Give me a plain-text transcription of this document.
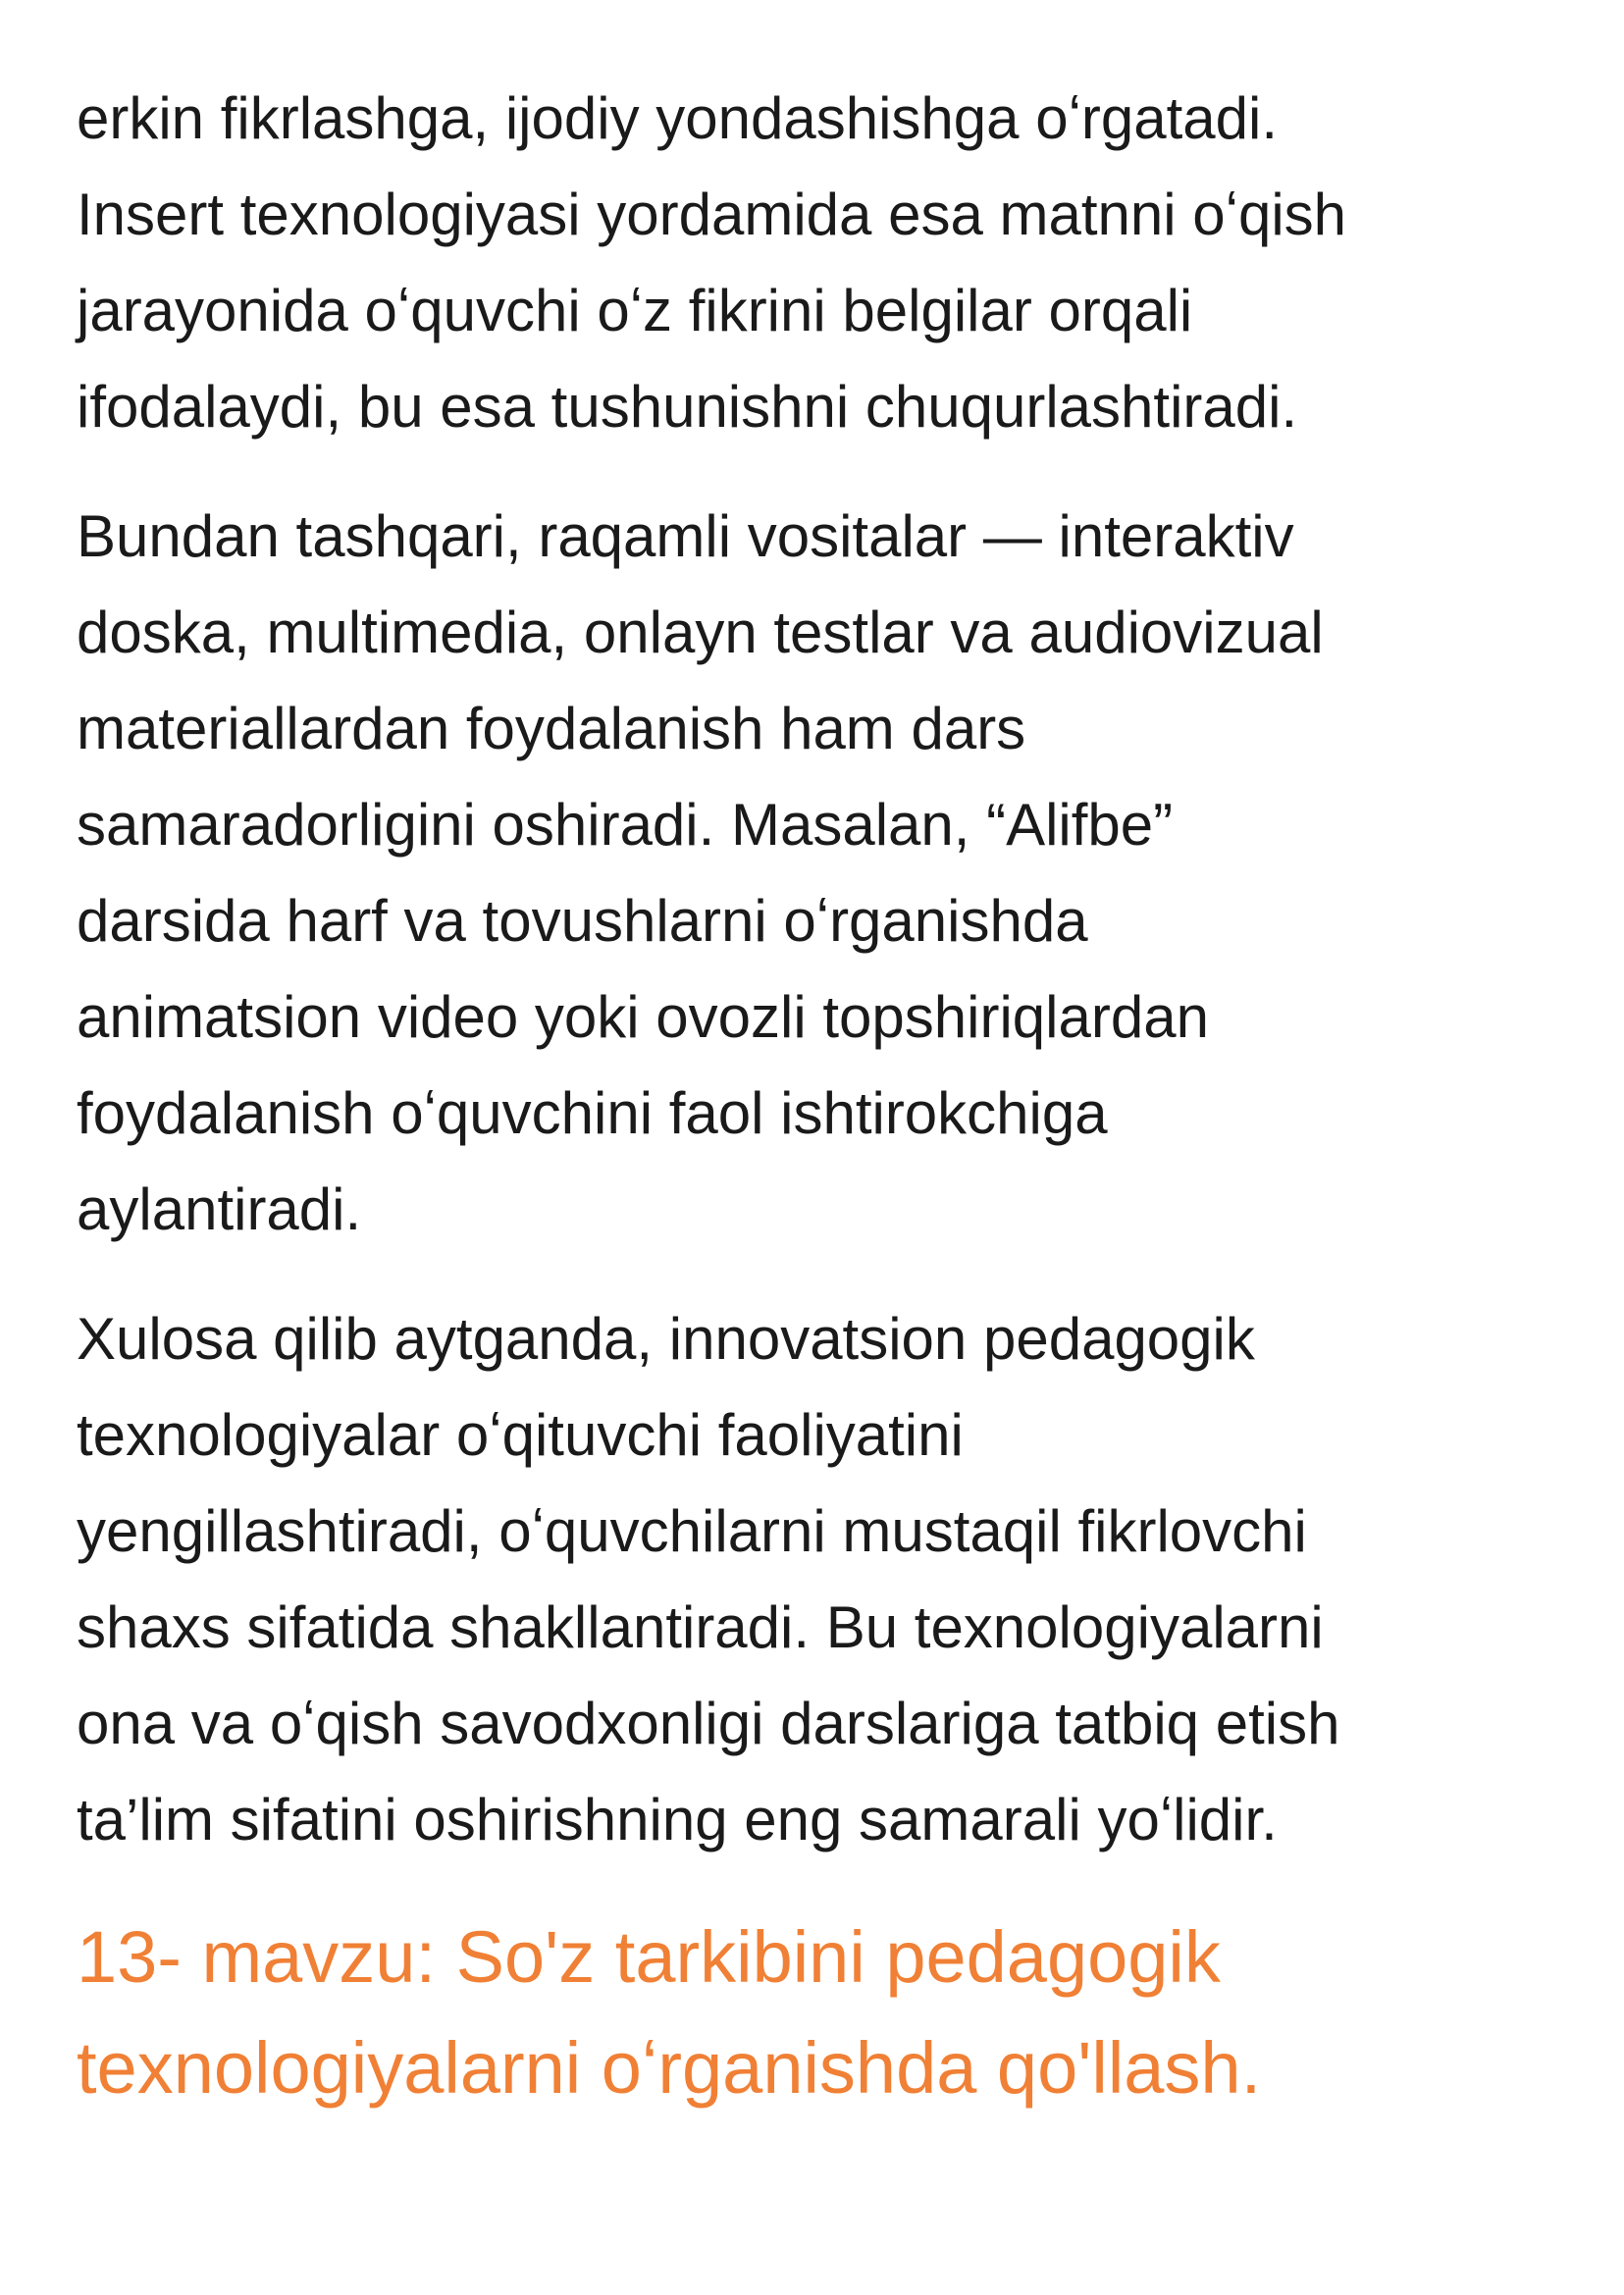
erkin fikrlashga, ijodiy yondashishga oʻrgatadi.
Insert texnologiyasi yordamida esa matnni oʻqish
jarayonida oʻquvchi oʻz fikrini belgilar orqali
ifodalaydi, bu esa tushunishni chuqurlashtiradi.

Bundan tashqari, raqamli vositalar — interaktiv
doska, multimedia, onlayn testlar va audiovizual
materiallardan foydalanish ham dars
samaradorligini oshiradi. Masalan, “Alifbe”
darsida harf va tovushlarni oʻrganishda
animatsion video yoki ovozli topshiriqlardan
foydalanish oʻquvchini faol ishtirokchiga
aylantiradi.

Xulosa qilib aytganda, innovatsion pedagogik
texnologiyalar oʻqituvchi faoliyatini
yengillashtiradi, oʻquvchilarni mustaqil fikrlovchi
shaxs sifatida shakllantiradi. Bu texnologiyalarni
ona va oʻqish savodxonligi darslariga tatbiq etish
ta’lim sifatini oshirishning eng samarali yoʻlidir.

13- mavzu: So'z tarkibini pedagogik
texnologiyalarni oʻrganishda qo'llash.
